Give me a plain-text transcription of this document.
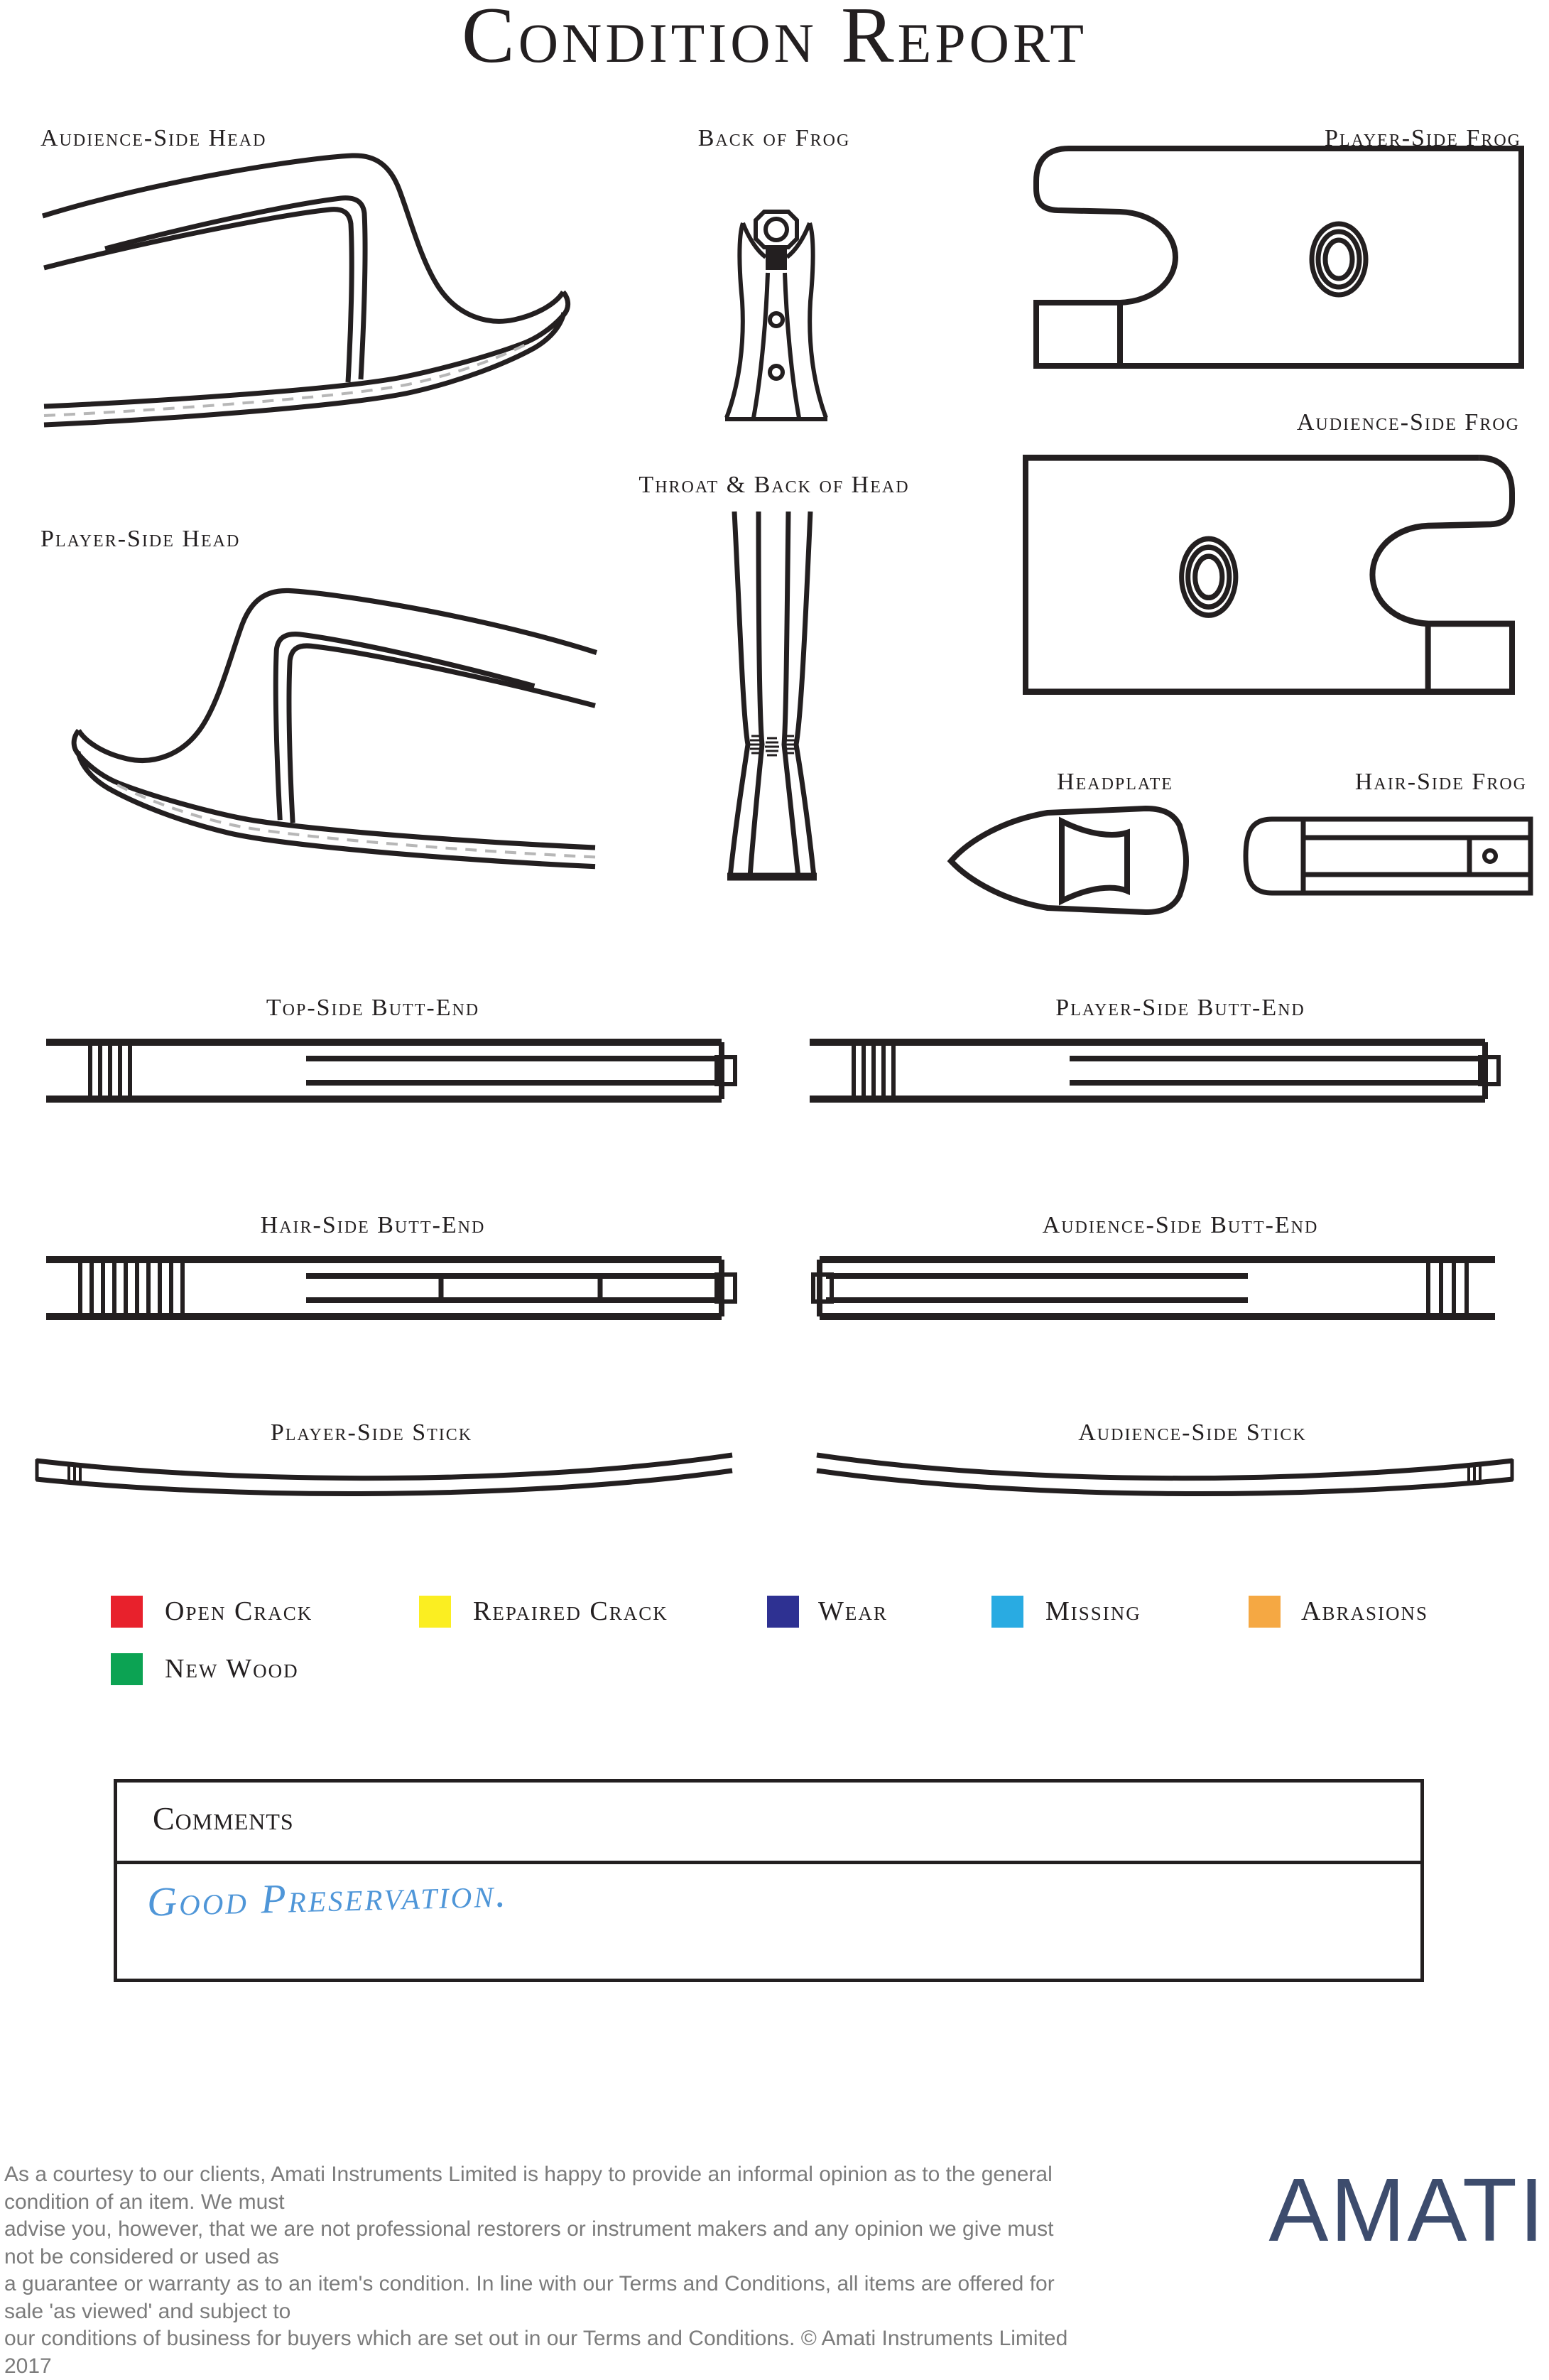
Condition Report
Audience-Side Head	Back of Frog	Player-Side Frog
Audience-Side Frog
Throat & Back of Head
Player-Side Head
Headplate	Hair-Side Frog
Top-Side Butt-End	Player-Side Butt-End
Hair-Side Butt-End	Audience-Side Butt-End
Player-Side Stick	Audience-Side Stick
Open Crack	Repaired Crack	Wear	Missing	Abrasions
New Wood
Comments
Good Preservation.
As a courtesy to our clients, Amati Instruments Limited is happy to provide an informal opinion as to the general condition of an item. We must
advise you, however, that we are not professional restorers or instrument makers and any opinion we give must not be considered or used as
a guarantee or warranty as to an item's condition. In line with our Terms and Conditions, all items are offered for sale 'as viewed' and subject to
our conditions of business for buyers which are set out in our Terms and Conditions. © Amati Instruments Limited 2017
AMATI
